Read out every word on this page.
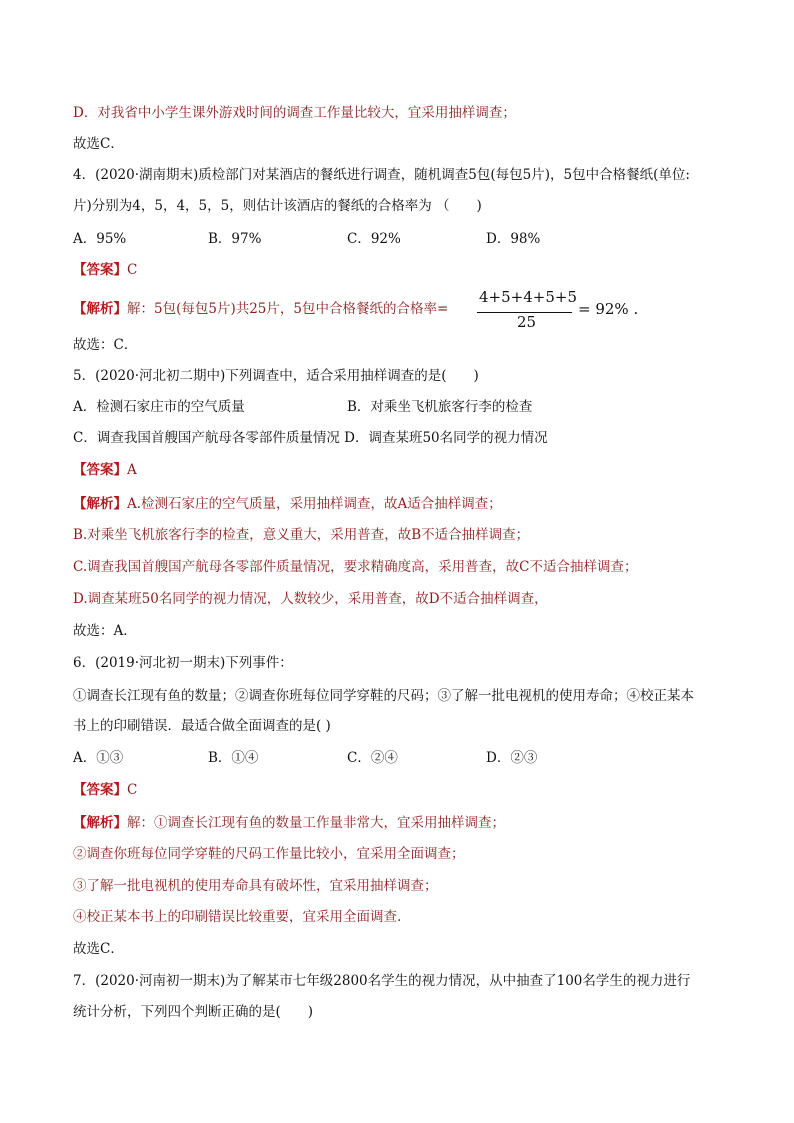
D．对我省中小学生课外游戏时间的调查工作量比较大，宜采用抽样调查；
故选C．
4．(2020·湖南期末)质检部门对某酒店的餐纸进行调查，随机调查5包(每包5片)，5包中合格餐纸(单位:
片)分别为4，5，4，5，5，则估计该酒店的餐纸的合格率为 （　　)
A．95%	B．97%	C．92%	D．98%
【答案】C
【解析】解：5包(每包5片)共25片，5包中合格餐纸的合格率=
4+5+4+5+5
25
= 92% .
故选：C．
5．(2020·河北初二期中)下列调查中，适合采用抽样调查的是(　　)
A．检测石家庄市的空气质量	B．对乘坐飞机旅客行李的检查
C．调查我国首艘国产航母各零部件质量情况 D．调查某班50名同学的视力情况
【答案】A
【解析】A.检测石家庄的空气质量，采用抽样调查，故A适合抽样调查；
B.对乘坐飞机旅客行李的检查，意义重大，采用普查，故B不适合抽样调查；
C.调查我国首艘国产航母各零部件质量情况，要求精确度高，采用普查，故C不适合抽样调查；
D.调查某班50名同学的视力情况，人数较少，采用普查，故D不适合抽样调查，
故选：A．
6．(2019·河北初一期末)下列事件：
①调查长江现有鱼的数量；②调查你班每位同学穿鞋的尺码；③了解一批电视机的使用寿命；④校正某本
书上的印刷错误．最适合做全面调查的是( )
A．①③	B．①④	C．②④	D．②③
【答案】C
【解析】解：①调查长江现有鱼的数量工作量非常大，宜采用抽样调查；
②调查你班每位同学穿鞋的尺码工作量比较小，宜采用全面调查；
③了解一批电视机的使用寿命具有破坏性，宜采用抽样调查；
④校正某本书上的印刷错误比较重要，宜采用全面调查.
故选C．
7．(2020·河南初一期末)为了解某市七年级2800名学生的视力情况，从中抽查了100名学生的视力进行
统计分析，下列四个判断正确的是(　　)
